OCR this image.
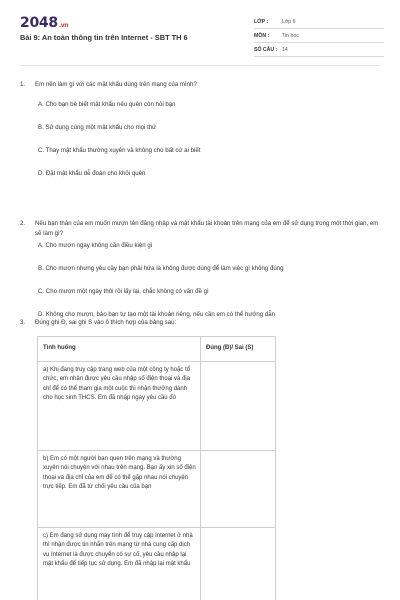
2048.vn
Bài 9: An toàn thông tin trên Internet - SBT TH 6
LỚP :	Lớp 6
MÔN :	Tin học
SỐ CÂU : 14
1. Em nên làm gì với các mật khẩu dùng trên mạng của mình?
A. Cho bạn bè biết mật khẩu nếu quên còn hỏi bạn
B. Sử dụng cùng một mật khẩu cho mọi thứ
C. Thay mật khẩu thường xuyên và không cho bất cứ ai biết
D. Đặt mật khẩu dễ đoán cho khỏi quên
2. Nếu bạn thân của em muốn mượn tên đăng nhập và mật khẩu tài khoản trên mạng của em để sử dụng trong một thời gian, em sẽ làm gì?
A. Cho mượn ngay không cần điều kiện gì
B. Cho mượn nhưng yêu cầy bạn phải hứa là không được dùng để làm việc gì không đúng
C. Cho mượn một ngày thôi rồi lấy lại, chắc không có vấn đề gì
D. Không cho mượn, bảo bạn tự tạo một tài khoản riêng, nếu cần em có thể hướng dẫn
3. Đúng ghi Đ, sai ghi S vào ô thích hợp của bảng sau:
Tình huống	Đúng (Đ)/ Sai (S)
a) Khi đang truy cập trang web của một công ty hoặc tổ chức, em nhận được yêu cầu nhập số điện thoại và địa chỉ để có thể tham gia một cuộc thi nhận thưởng dành cho học sinh THCS. Em đã nhập ngay yêu cầu đó	
b) Em có một người bạn quen trên mạng và thường xuyên nói chuyện với nhau trên mạng. Bạn ấy xin số điện thoại và địa chỉ của em để có thể gặp nhau nói chuyện trực tiếp. Em đã từ chối yêu cầu của bạn	
c) Em đang sử dụng máy tính để truy cập Internet ở nhà thì nhận được tin nhắn trên mạng từ nhà cung cấp dịch vụ Internet là được chuyển có sự cố, yêu cầu nhập lại mật khẩu để tiếp tục sử dụng. Em đã nhập lại mật khẩu	
